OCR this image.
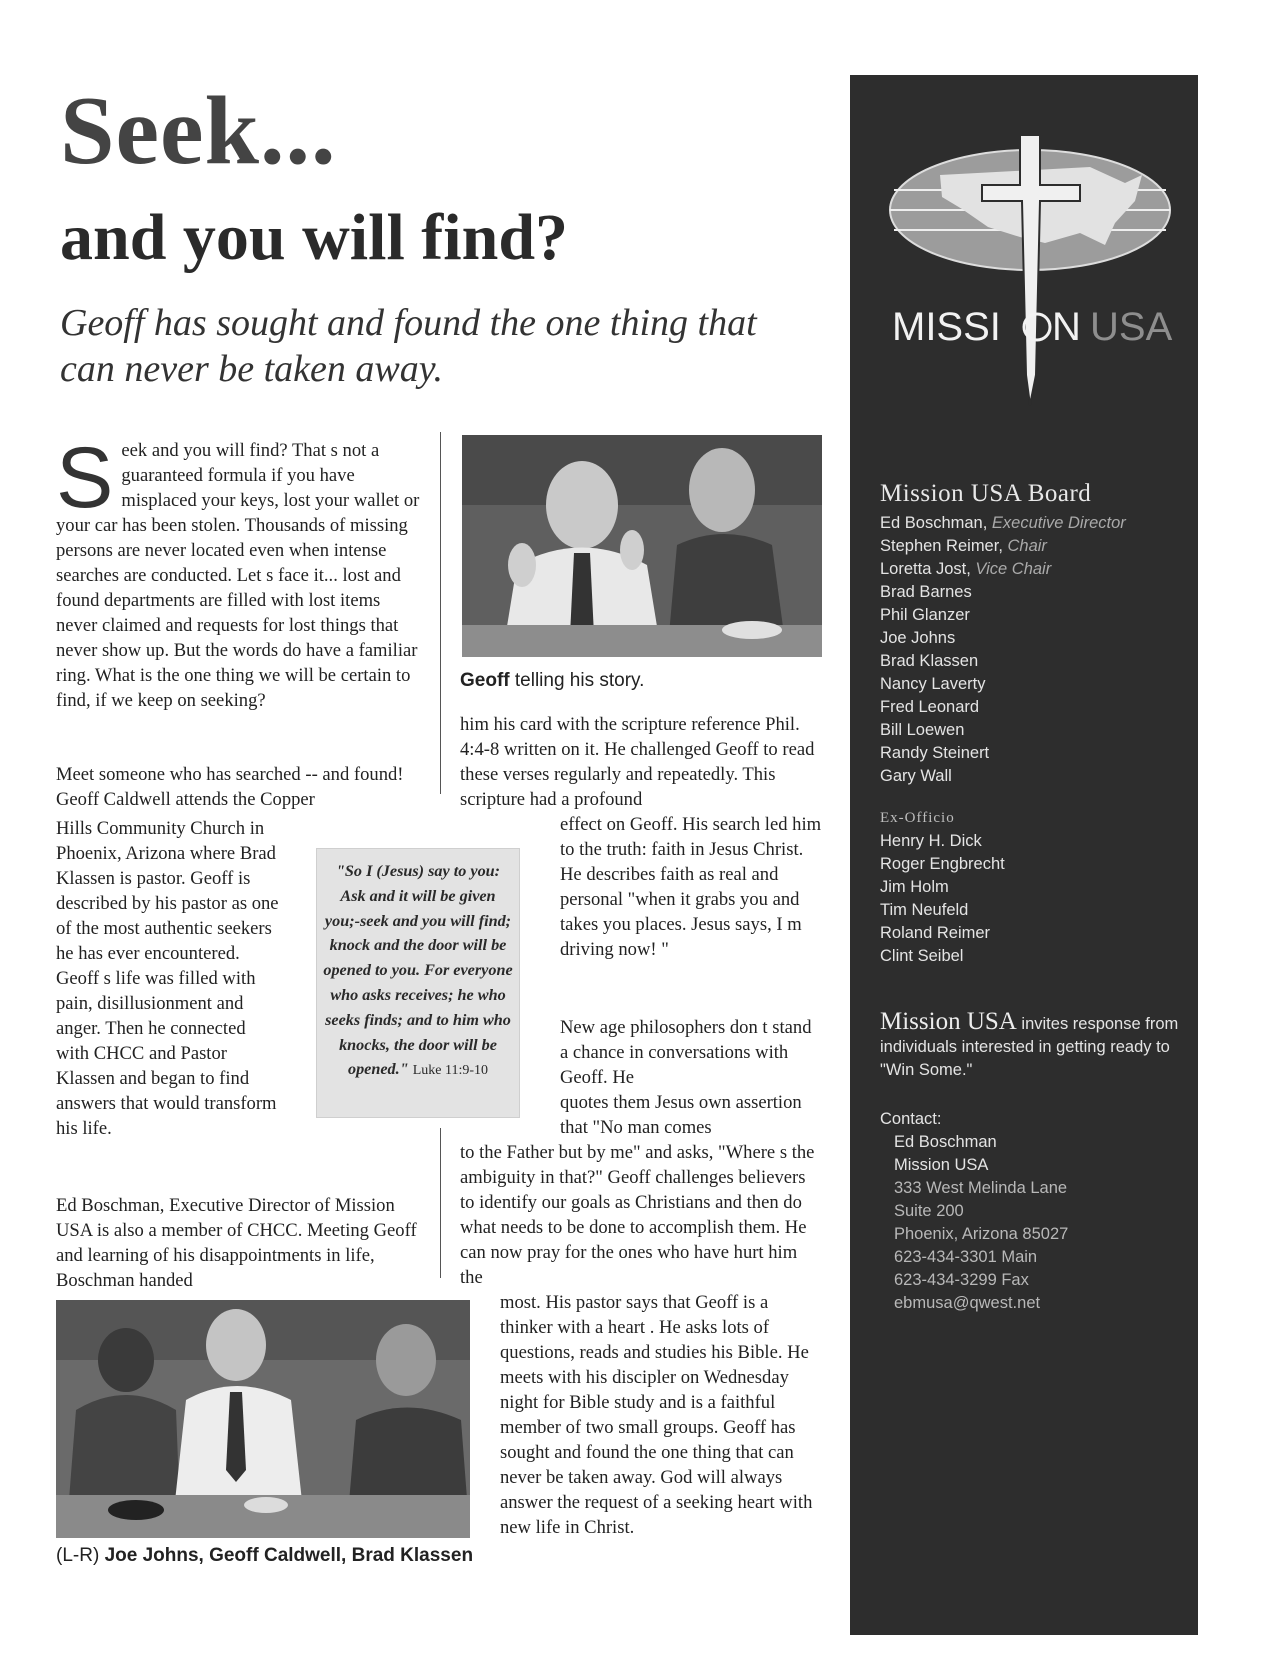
Seek...
and you will find?
Geoff has sought and found the one thing that can never be taken away.
S eek and you will find? That s not a guaranteed formula if you have misplaced your keys, lost your wallet or your car has been stolen. Thousands of missing persons are never located even when intense searches are conducted. Let s face it... lost and found departments are filled with lost items never claimed and requests for lost things that never show up. But the words do have a familiar ring. What is the one thing we will be certain to find, if we keep on seeking?

Meet someone who has searched -- and found! Geoff Caldwell attends the Copper

Hills Community Church in Phoenix, Arizona where Brad Klassen is pastor. Geoff is described by his pastor as one of the most authentic seekers he has ever encountered. Geoff s life was filled with pain, disillusionment and anger. Then he connected with CHCC and Pastor Klassen and began to find answers that would transform his life.

Ed Boschman, Executive Director of Mission USA is also a member of CHCC. Meeting Geoff and learning of his disappointments in life, Boschman handed

"So I (Jesus) say to you: Ask and it will be given you;-seek and you will find; knock and the door will be opened to you. For everyone who asks receives; he who seeks finds; and to him who knocks, the door will be opened." Luke 11:9-10
Geoff telling his story.

him his card with the scripture reference Phil. 4:4-8 written on it. He challenged Geoff to read these verses regularly and repeatedly. This scripture had a profound

effect on Geoff. His search led him to the truth: faith in Jesus Christ. He describes faith as real and personal "when it grabs you and takes you places. Jesus says, I m driving now! "

New age philosophers don t stand a chance in conversations with Geoff. He

quotes them Jesus own assertion that "No man comes

to the Father but by me" and asks, "Where s the ambiguity in that?" Geoff challenges believers to identify our goals as Christians and then do what needs to be done to accomplish them. He can now pray for the ones who have hurt him the

most. His pastor says that Geoff is a thinker with a heart . He asks lots of questions, reads and studies his Bible. He meets with his discipler on Wednesday night for Bible study and is a faithful member of two small groups. Geoff has sought and found the one thing that can never be taken away. God will always answer the request of a seeking heart with new life in Christ.

(L-R) Joe Johns, Geoff Caldwell, Brad Klassen
MISSI N USA
Mission USA Board
Ed Boschman, Executive Director
Stephen Reimer, Chair
Loretta Jost, Vice Chair
Brad Barnes
Phil Glanzer
Joe Johns
Brad Klassen
Nancy Laverty
Fred Leonard
Bill Loewen
Randy Steinert
Gary Wall
Ex-Officio
Henry H. Dick
Roger Engbrecht
Jim Holm
Tim Neufeld
Roland Reimer
Clint Seibel
Mission USA invites response from individuals interested in getting ready to "Win Some."
Contact:
Ed Boschman
Mission USA
333 West Melinda Lane
Suite 200
Phoenix, Arizona 85027
623-434-3301 Main
623-434-3299 Fax
ebmusa@qwest.net
